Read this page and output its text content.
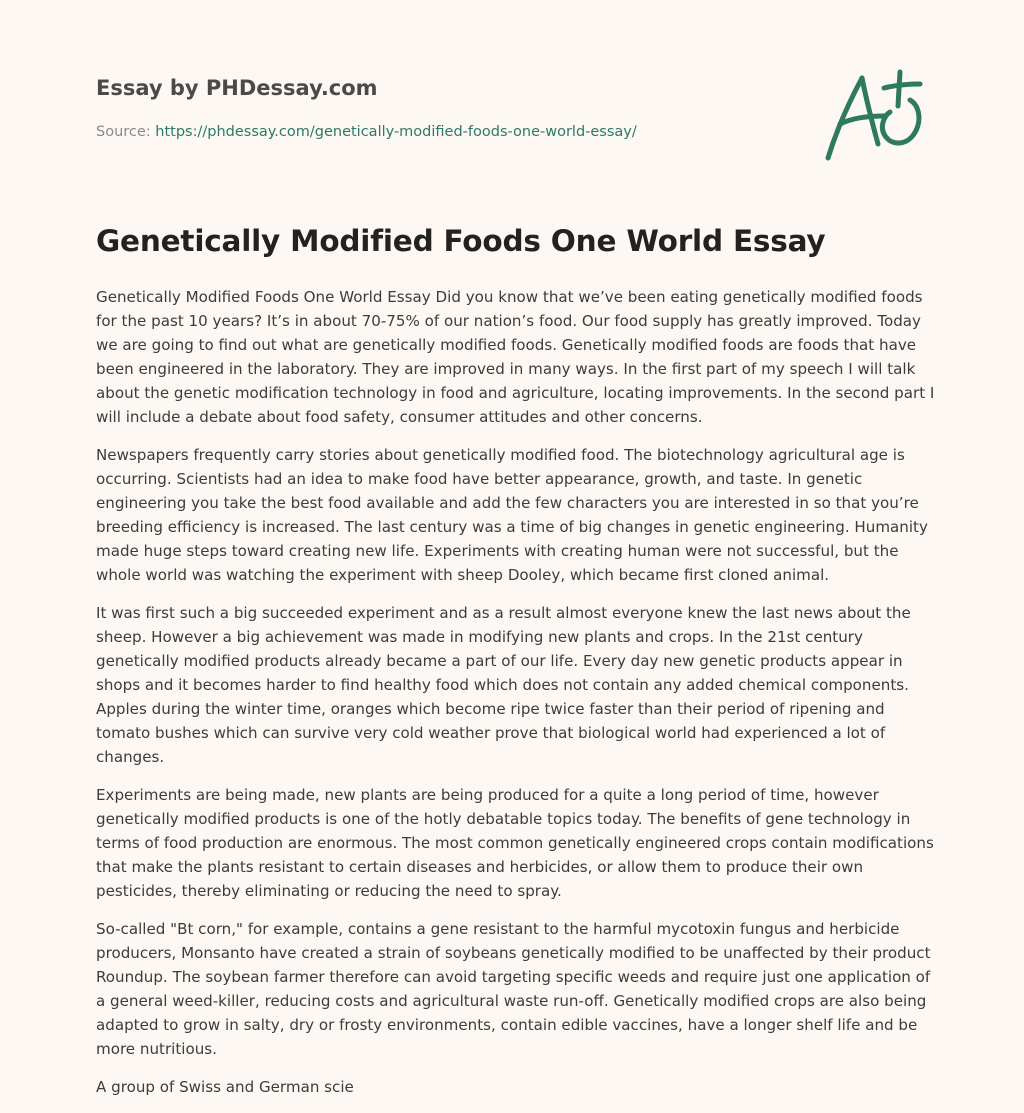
Essay by PHDessay.com
Source: https://phdessay.com/genetically-modified-foods-one-world-essay/
Genetically Modified Foods One World Essay

Genetically Modified Foods One World Essay Did you know that we’ve been eating genetically modified foods for the past 10 years? It’s in about 70-75% of our nation’s food. Our food supply has greatly improved. Today we are going to find out what are genetically modified foods. Genetically modified foods are foods that have been engineered in the laboratory. They are improved in many ways. In the first part of my speech I will talk about the genetic modification technology in food and agriculture, locating improvements. In the second part I will include a debate about food safety, consumer attitudes and other concerns.

Newspapers frequently carry stories about genetically modified food. The biotechnology agricultural age is occurring. Scientists had an idea to make food have better appearance, growth, and taste. In genetic engineering you take the best food available and add the few characters you are interested in so that you’re breeding efficiency is increased. The last century was a time of big changes in genetic engineering. Humanity made huge steps toward creating new life. Experiments with creating human were not successful, but the whole world was watching the experiment with sheep Dooley, which became first cloned animal.

It was first such a big succeeded experiment and as a result almost everyone knew the last news about the sheep. However a big achievement was made in modifying new plants and crops. In the 21st century genetically modified products already became a part of our life. Every day new genetic products appear in shops and it becomes harder to find healthy food which does not contain any added chemical components. Apples during the winter time, oranges which become ripe twice faster than their period of ripening and tomato bushes which can survive very cold weather prove that biological world had experienced a lot of changes.

Experiments are being made, new plants are being produced for a quite a long period of time, however genetically modified products is one of the hotly debatable topics today. The benefits of gene technology in terms of food production are enormous. The most common genetically engineered crops contain modifications that make the plants resistant to certain diseases and herbicides, or allow them to produce their own pesticides, thereby eliminating or reducing the need to spray.

So-called "Bt corn," for example, contains a gene resistant to the harmful mycotoxin fungus and herbicide producers, Monsanto have created a strain of soybeans genetically modified to be unaffected by their product Roundup. The soybean farmer therefore can avoid targeting specific weeds and require just one application of a general weed-killer, reducing costs and agricultural waste run-off. Genetically modified crops are also being adapted to grow in salty, dry or frosty environments, contain edible vaccines, have a longer shelf life and be more nutritious.

A group of Swiss and German scie
